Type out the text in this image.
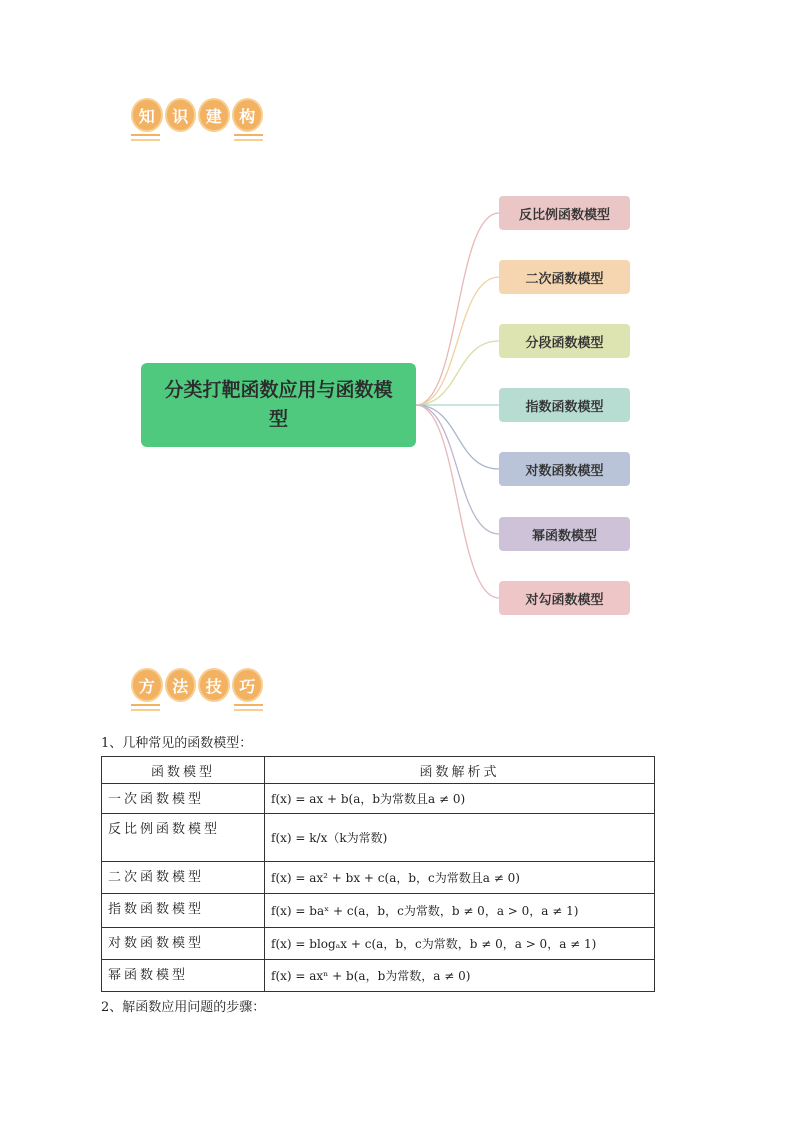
知	识	建	构
分类打靶函数应用与函数模型
反比例函数模型
二次函数模型
分段函数模型
指数函数模型
对数函数模型
幂函数模型
对勾函数模型
方	法	技	巧
1、几种常见的函数模型：
函数模型	函数解析式
一次函数模型	f(x) = ax + b(a，b为常数且a ≠ 0)
反比例函数模型	f(x) = k/x（k为常数)
二次函数模型	f(x) = ax² + bx + c(a，b，c为常数且a ≠ 0)
指数函数模型	f(x) = baˣ + c(a，b，c为常数，b ≠ 0，a > 0，a ≠ 1)
对数函数模型	f(x) = blogₐx + c(a，b，c为常数，b ≠ 0，a > 0，a ≠ 1)
幂函数模型	f(x) = axⁿ + b(a，b为常数，a ≠ 0)
2、解函数应用问题的步骤：
